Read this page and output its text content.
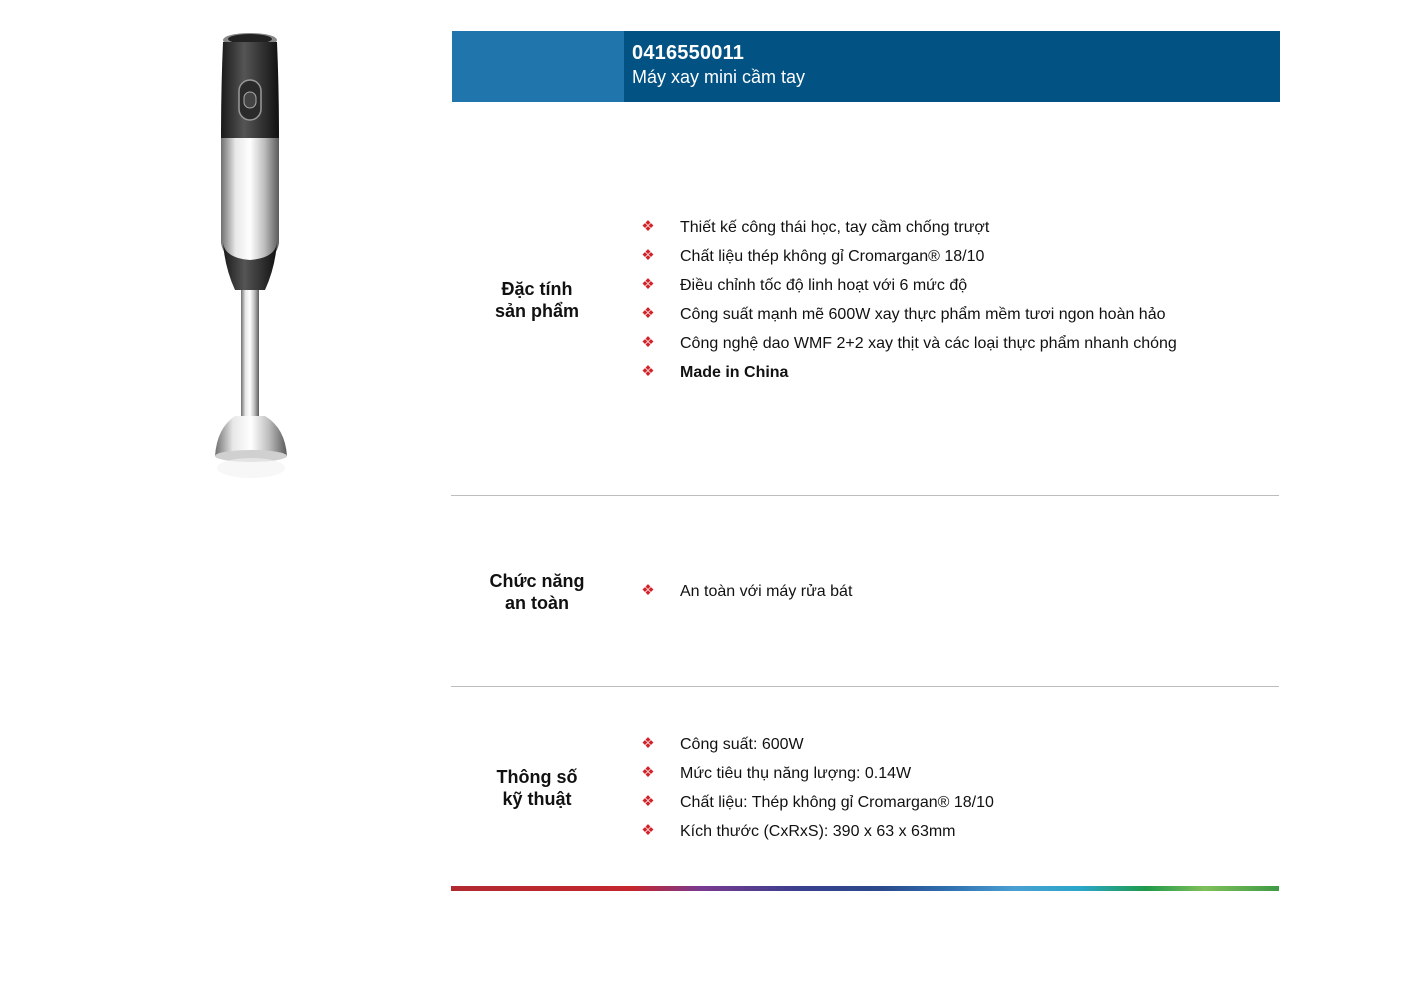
0416550011
Máy xay mini cầm tay
Đặc tính
sản phẩm
❖ Thiết kế công thái học, tay cầm chống trượt
❖ Chất liệu thép không gỉ Cromargan® 18/10
❖ Điều chỉnh tốc độ linh hoạt với 6 mức độ
❖ Công suất mạnh mẽ 600W xay thực phẩm mềm tươi ngon hoàn hảo
❖ Công nghệ dao WMF 2+2 xay thịt và các loại thực phẩm nhanh chóng
❖ Made in China
Chức năng
an toàn
❖ An toàn với máy rửa bát
Thông số
kỹ thuật
❖ Công suất: 600W
❖ Mức tiêu thụ năng lượng: 0.14W
❖ Chất liệu: Thép không gỉ Cromargan® 18/10
❖ Kích thước (CxRxS): 390 x 63 x 63mm
